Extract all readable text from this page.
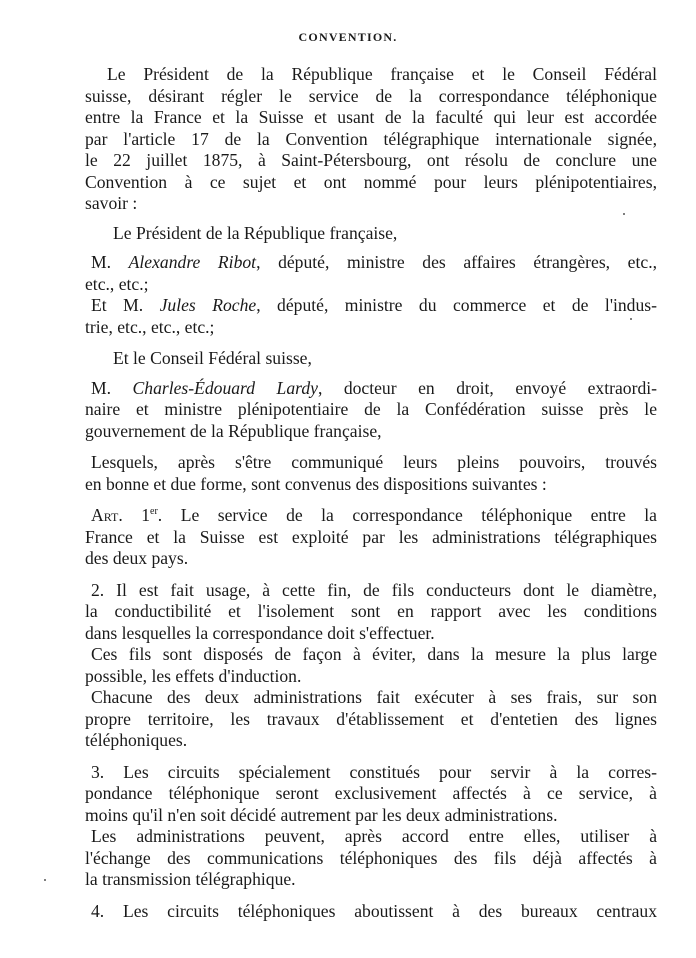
CONVENTION.

Le Président de la République française et le Conseil Fédéral

suisse, désirant régler le service de la correspondance téléphonique

entre la France et la Suisse et usant de la faculté qui leur est accordée

par l'article 17 de la Convention télégraphique internationale signée,

le 22 juillet 1875, à Saint-Pétersbourg, ont résolu de conclure une

Convention à ce sujet et ont nommé pour leurs plénipotentiaires,

savoir :

Le Président de la République française,

M. Alexandre Ribot, député, ministre des affaires étrangères, etc.,

etc., etc.;

Et M. Jules Roche, député, ministre du commerce et de l'indus-

trie, etc., etc., etc.;

Et le Conseil Fédéral suisse,

M. Charles-Édouard Lardy, docteur en droit, envoyé extraordi-

naire et ministre plénipotentiaire de la Confédération suisse près le

gouvernement de la République française,

Lesquels, après s'être communiqué leurs pleins pouvoirs, trouvés

en bonne et due forme, sont convenus des dispositions suivantes :

Art. 1er. Le service de la correspondance téléphonique entre la

France et la Suisse est exploité par les administrations télégraphiques

des deux pays.

2. Il est fait usage, à cette fin, de fils conducteurs dont le diamètre,

la conductibilité et l'isolement sont en rapport avec les conditions

dans lesquelles la correspondance doit s'effectuer.

Ces fils sont disposés de façon à éviter, dans la mesure la plus large

possible, les effets d'induction.

Chacune des deux administrations fait exécuter à ses frais, sur son

propre territoire, les travaux d'établissement et d'entetien des lignes

téléphoniques.

3. Les circuits spécialement constitués pour servir à la corres-

pondance téléphonique seront exclusivement affectés à ce service, à

moins qu'il n'en soit décidé autrement par les deux administrations.

Les administrations peuvent, après accord entre elles, utiliser à

l'échange des communications téléphoniques des fils déjà affectés à

la transmission télégraphique.

4. Les circuits téléphoniques aboutissent à des bureaux centraux
